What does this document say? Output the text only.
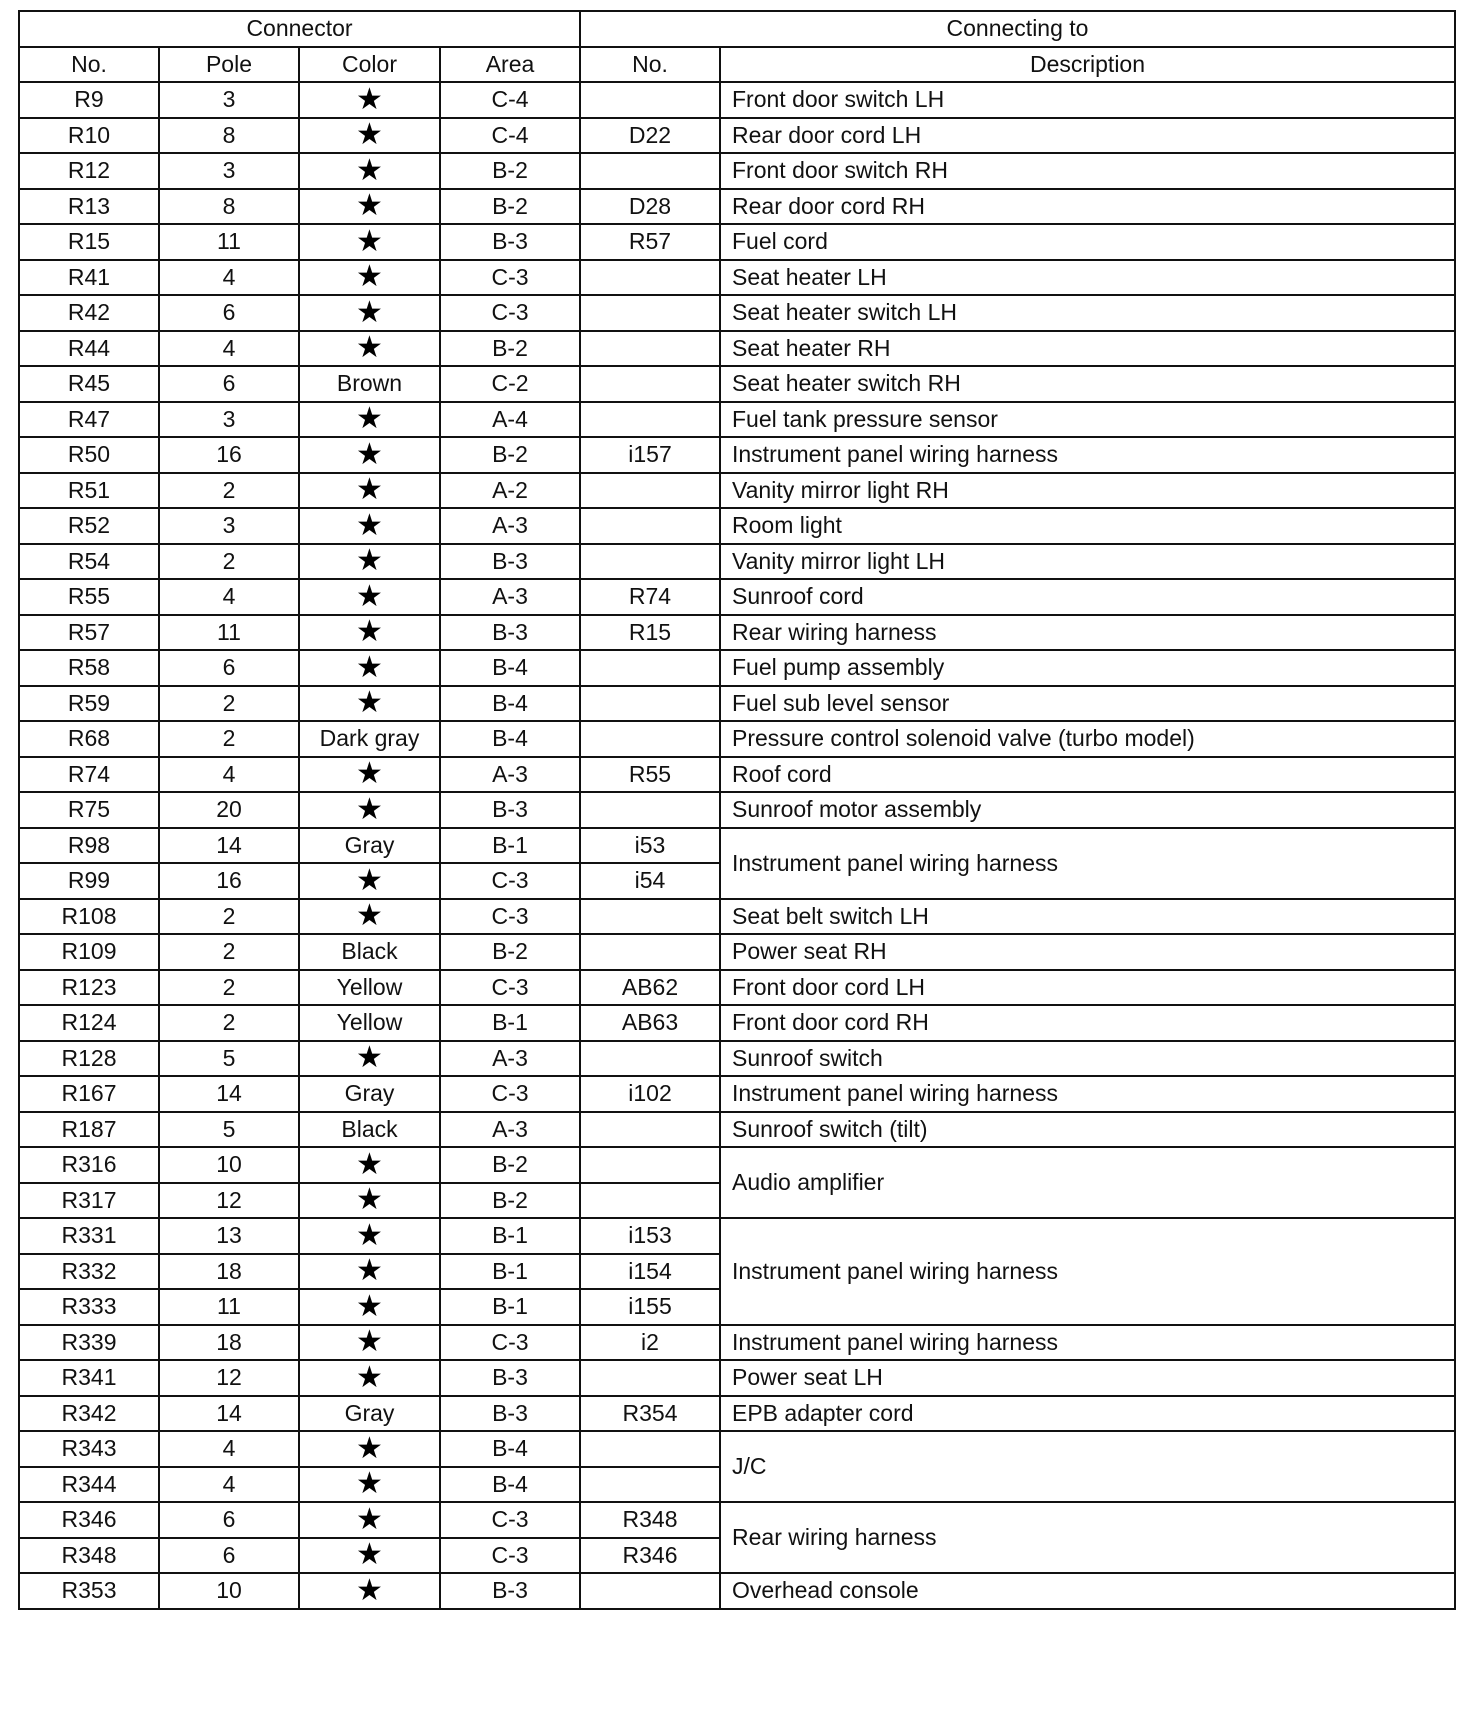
Connector				Connecting to	
No.	Pole	Color	Area	No.	Description
R9	3	★	C-4		Front door switch LH
R10	8	★	C-4	D22	Rear door cord LH
R12	3	★	B-2		Front door switch RH
R13	8	★	B-2	D28	Rear door cord RH
R15	11	★	B-3	R57	Fuel cord
R41	4	★	C-3		Seat heater LH
R42	6	★	C-3		Seat heater switch LH
R44	4	★	B-2		Seat heater RH
R45	6	Brown	C-2		Seat heater switch RH
R47	3	★	A-4		Fuel tank pressure sensor
R50	16	★	B-2	i157	Instrument panel wiring harness
R51	2	★	A-2		Vanity mirror light RH
R52	3	★	A-3		Room light
R54	2	★	B-3		Vanity mirror light LH
R55	4	★	A-3	R74	Sunroof cord
R57	11	★	B-3	R15	Rear wiring harness
R58	6	★	B-4		Fuel pump assembly
R59	2	★	B-4		Fuel sub level sensor
R68	2	Dark gray	B-4		Pressure control solenoid valve (turbo model)
R74	4	★	A-3	R55	Roof cord
R75	20	★	B-3		Sunroof motor assembly
R98	14	Gray	B-1	i53	Instrument panel wiring harness
R99	16	★	C-3	i54	
R108	2	★	C-3		Seat belt switch LH
R109	2	Black	B-2		Power seat RH
R123	2	Yellow	C-3	AB62	Front door cord LH
R124	2	Yellow	B-1	AB63	Front door cord RH
R128	5	★	A-3		Sunroof switch
R167	14	Gray	C-3	i102	Instrument panel wiring harness
R187	5	Black	A-3		Sunroof switch (tilt)
R316	10	★	B-2		Audio amplifier
R317	12	★	B-2		
R331	13	★	B-1	i153	Instrument panel wiring harness
R332	18	★	B-1	i154	
R333	11	★	B-1	i155	
R339	18	★	C-3	i2	Instrument panel wiring harness
R341	12	★	B-3		Power seat LH
R342	14	Gray	B-3	R354	EPB adapter cord
R343	4	★	B-4		J/C
R344	4	★	B-4		
R346	6	★	C-3	R348	Rear wiring harness
R348	6	★	C-3	R346	
R353	10	★	B-3		Overhead console
